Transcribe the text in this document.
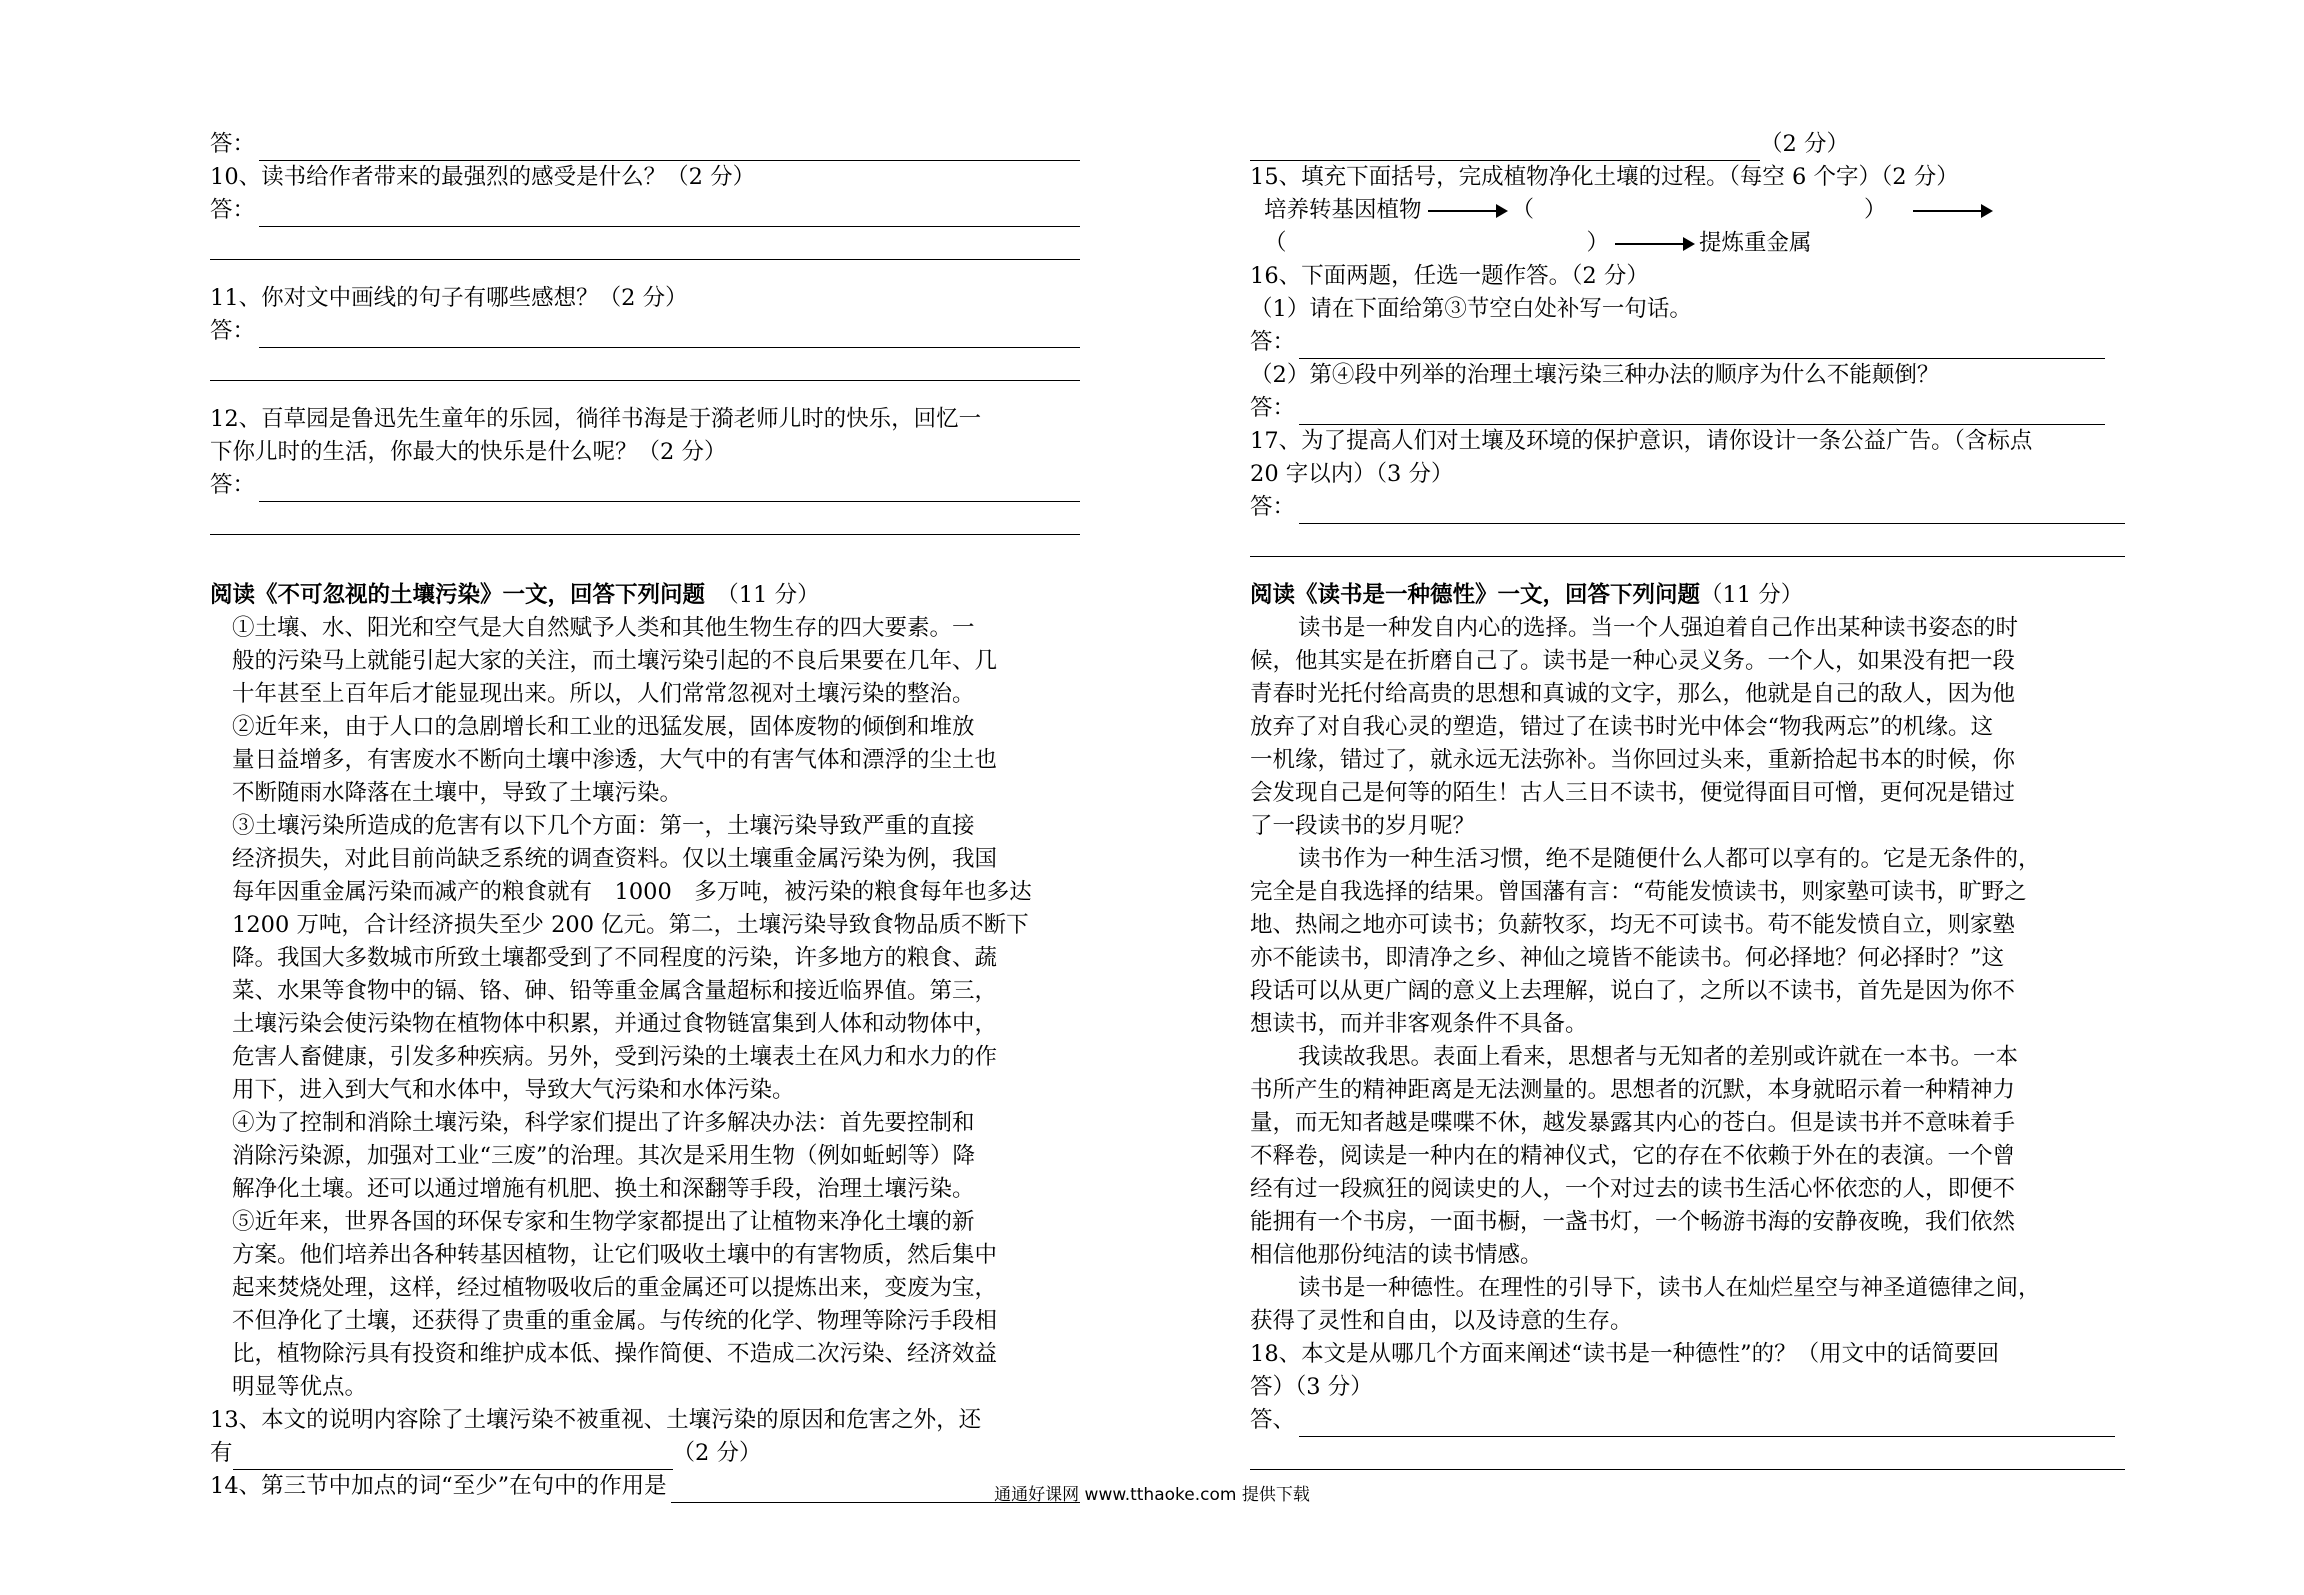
答：
10、读书给作者带来的最强烈的感受是什么？（2 分）
答：
11、你对文中画线的句子有哪些感想？（2 分）
答：
12、百草园是鲁迅先生童年的乐园，徜徉书海是于漪老师儿时的快乐，回忆一
下你儿时的生活，你最大的快乐是什么呢？（2 分）
答：
阅读《不可忽视的土壤污染》一文，回答下列问题　 （11 分）
①土壤、水、阳光和空气是大自然赋予人类和其他生物生存的四大要素。一
般的污染马上就能引起大家的关注，而土壤污染引起的不良后果要在几年、几
十年甚至上百年后才能显现出来。所以，人们常常忽视对土壤污染的整治。
②近年来，由于人口的急剧增长和工业的迅猛发展，固体废物的倾倒和堆放
量日益增多，有害废水不断向土壤中渗透，大气中的有害气体和漂浮的尘土也
不断随雨水降落在土壤中，导致了土壤污染。
③土壤污染所造成的危害有以下几个方面：第一，土壤污染导致严重的直接
经济损失，对此目前尚缺乏系统的调查资料。仅以土壤重金属污染为例，我国
每年因重金属污染而减产的粮食就有　1000　多万吨，被污染的粮食每年也多达
1200 万吨，合计经济损失至少 200 亿元。第二，土壤污染导致食物品质不断下
降。我国大多数城市所致土壤都受到了不同程度的污染，许多地方的粮食、蔬
菜、水果等食物中的镉、铬、砷、铅等重金属含量超标和接近临界值。第三，
土壤污染会使污染物在植物体中积累，并通过食物链富集到人体和动物体中，
危害人畜健康，引发多种疾病。另外，受到污染的土壤表土在风力和水力的作
用下，进入到大气和水体中，导致大气污染和水体污染。
④为了控制和消除土壤污染，科学家们提出了许多解决办法：首先要控制和
消除污染源，加强对工业“三废”的治理。其次是采用生物（例如蚯蚓等）降
解净化土壤。还可以通过增施有机肥、换土和深翻等手段，治理土壤污染。
⑤近年来，世界各国的环保专家和生物学家都提出了让植物来净化土壤的新
方案。他们培养出各种转基因植物，让它们吸收土壤中的有害物质，然后集中
起来焚烧处理，这样，经过植物吸收后的重金属还可以提炼出来，变废为宝，
不但净化了土壤，还获得了贵重的重金属。与传统的化学、物理等除污手段相
比，植物除污具有投资和维护成本低、操作简便、不造成二次污染、经济效益
明显等优点。
13、本文的说明内容除了土壤污染不被重视、土壤污染的原因和危害之外，还
有	（2 分）
14、第三节中加点的词“至少”在句中的作用是
（2 分）
15、填充下面括号，完成植物净化土壤的过程。（每空 6 个字）（2 分）
培养转基因植物	（	）
（	）	提炼重金属
16、下面两题，任选一题作答。（2 分）
（1）请在下面给第③节空白处补写一句话。
答：
（2）第④段中列举的治理土壤污染三种办法的顺序为什么不能颠倒？
答：
17、为了提高人们对土壤及环境的保护意识，请你设计一条公益广告。（含标点
20 字以内）（3 分）
答：
阅读《读书是一种德性》一文，回答下列问题（11 分）
读书是一种发自内心的选择。当一个人强迫着自己作出某种读书姿态的时
候，他其实是在折磨自己了。读书是一种心灵义务。一个人，如果没有把一段
青春时光托付给高贵的思想和真诚的文字，那么，他就是自己的敌人，因为他
放弃了对自我心灵的塑造，错过了在读书时光中体会“物我两忘”的机缘。这
一机缘，错过了，就永远无法弥补。当你回过头来，重新拾起书本的时候，你
会发现自己是何等的陌生！古人三日不读书，便觉得面目可憎，更何况是错过
了一段读书的岁月呢？
读书作为一种生活习惯，绝不是随便什么人都可以享有的。它是无条件的，
完全是自我选择的结果。曾国藩有言：“苟能发愤读书，则家塾可读书，旷野之
地、热闹之地亦可读书；负薪牧豕，均无不可读书。苟不能发愤自立，则家塾
亦不能读书，即清净之乡、神仙之境皆不能读书。何必择地？何必择时？”这
段话可以从更广阔的意义上去理解，说白了，之所以不读书，首先是因为你不
想读书，而并非客观条件不具备。
我读故我思。表面上看来，思想者与无知者的差别或许就在一本书。一本
书所产生的精神距离是无法测量的。思想者的沉默，本身就昭示着一种精神力
量，而无知者越是喋喋不休，越发暴露其内心的苍白。但是读书并不意味着手
不释卷，阅读是一种内在的精神仪式，它的存在不依赖于外在的表演。一个曾
经有过一段疯狂的阅读史的人，一个对过去的读书生活心怀依恋的人，即便不
能拥有一个书房，一面书橱，一盏书灯，一个畅游书海的安静夜晚，我们依然
相信他那份纯洁的读书情感。
读书是一种德性。在理性的引导下，读书人在灿烂星空与神圣道德律之间，
获得了灵性和自由，以及诗意的生存。
18、本文是从哪几个方面来阐述“读书是一种德性”的？（用文中的话简要回
答）（3 分）
答、
通通好课网 www.tthaoke.com 提供下载
